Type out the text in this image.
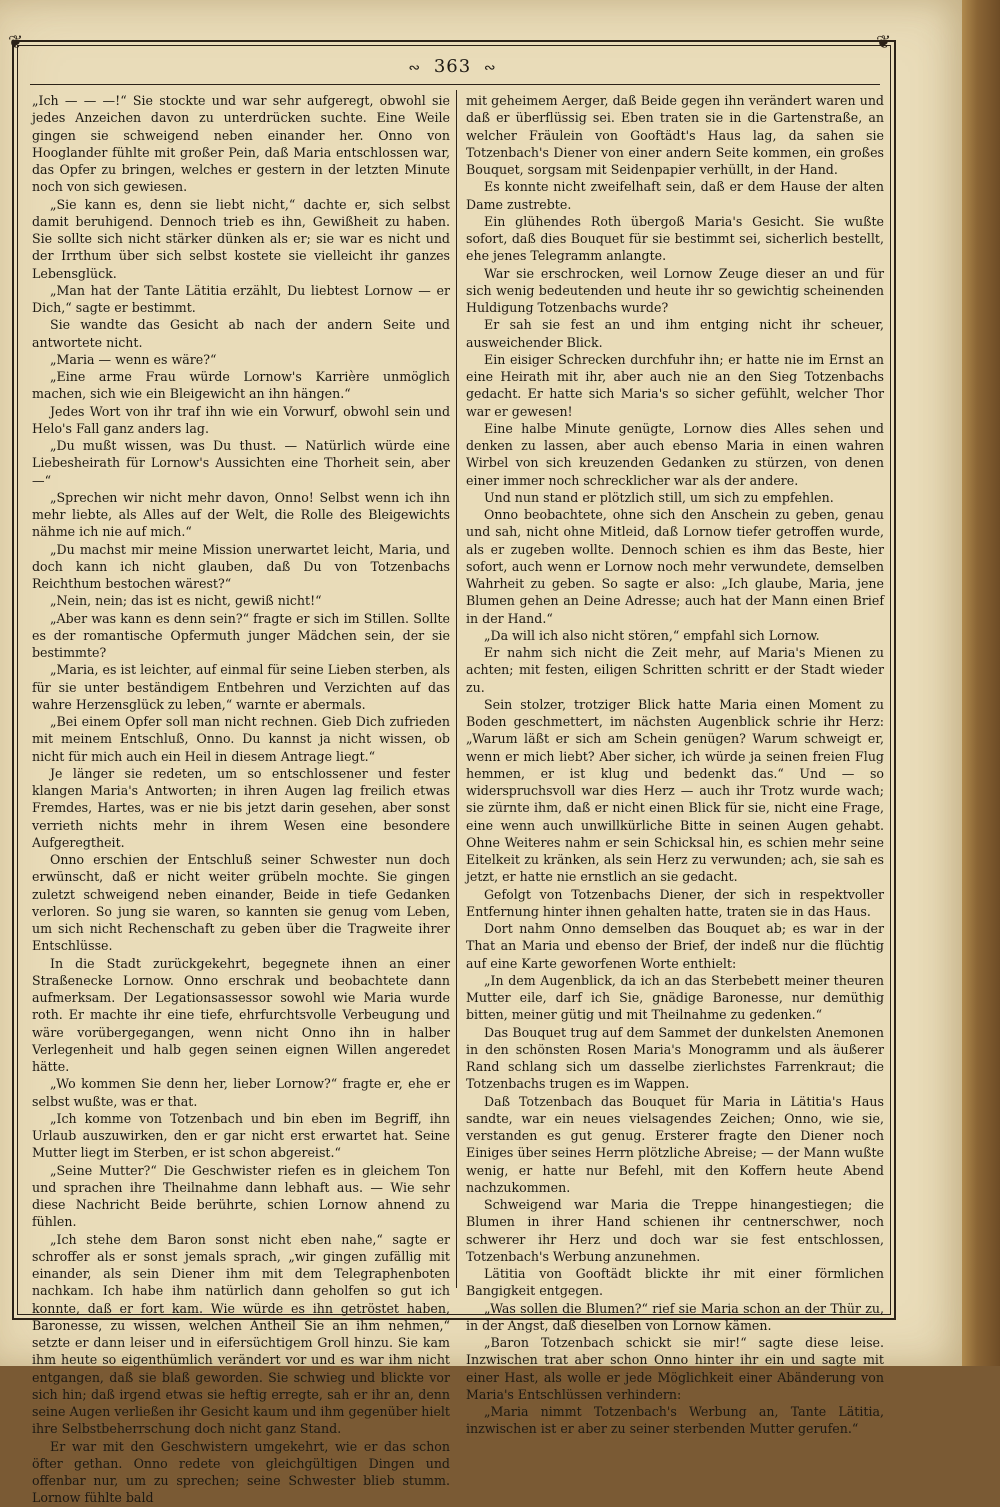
❦	❦
∾ 363 ∾

„Ich — — —!“ Sie stockte und war sehr aufgeregt, obwohl sie jedes Anzeichen davon zu unterdrücken suchte. Eine Weile gingen sie schweigend neben einander her. Onno von Hooglander fühlte mit großer Pein, daß Maria entschlossen war, das Opfer zu bringen, welches er gestern in der letzten Minute noch von sich gewiesen.

„Sie kann es, denn sie liebt nicht,“ dachte er, sich selbst damit beruhigend. Dennoch trieb es ihn, Gewißheit zu haben. Sie sollte sich nicht stärker dünken als er; sie war es nicht und der Irrthum über sich selbst kostete sie vielleicht ihr ganzes Lebensglück.

„Man hat der Tante Lätitia erzählt, Du liebtest Lornow — er Dich,“ sagte er bestimmt.

Sie wandte das Gesicht ab nach der andern Seite und antwortete nicht.

„Maria — wenn es wäre?“

„Eine arme Frau würde Lornow's Karrière unmöglich machen, sich wie ein Bleigewicht an ihn hängen.“

Jedes Wort von ihr traf ihn wie ein Vorwurf, obwohl sein und Helo's Fall ganz anders lag.

„Du mußt wissen, was Du thust. — Natürlich würde eine Liebesheirath für Lornow's Aussichten eine Thorheit sein, aber —“

„Sprechen wir nicht mehr davon, Onno! Selbst wenn ich ihn mehr liebte, als Alles auf der Welt, die Rolle des Bleigewichts nähme ich nie auf mich.“

„Du machst mir meine Mission unerwartet leicht, Maria, und doch kann ich nicht glauben, daß Du von Totzenbachs Reichthum bestochen wärest?“

„Nein, nein; das ist es nicht, gewiß nicht!“

„Aber was kann es denn sein?“ fragte er sich im Stillen. Sollte es der romantische Opfermuth junger Mädchen sein, der sie bestimmte?

„Maria, es ist leichter, auf einmal für seine Lieben sterben, als für sie unter beständigem Entbehren und Verzichten auf das wahre Herzensglück zu leben,“ warnte er abermals.

„Bei einem Opfer soll man nicht rechnen. Gieb Dich zufrieden mit meinem Entschluß, Onno. Du kannst ja nicht wissen, ob nicht für mich auch ein Heil in diesem Antrage liegt.“

Je länger sie redeten, um so entschlossener und fester klangen Maria's Antworten; in ihren Augen lag freilich etwas Fremdes, Hartes, was er nie bis jetzt darin gesehen, aber sonst verrieth nichts mehr in ihrem Wesen eine besondere Aufgeregtheit.

Onno erschien der Entschluß seiner Schwester nun doch erwünscht, daß er nicht weiter grübeln mochte. Sie gingen zuletzt schweigend neben einander, Beide in tiefe Gedanken verloren. So jung sie waren, so kannten sie genug vom Leben, um sich nicht Rechenschaft zu geben über die Tragweite ihrer Entschlüsse.

In die Stadt zurückgekehrt, begegnete ihnen an einer Straßenecke Lornow. Onno erschrak und beobachtete dann aufmerksam. Der Legationsassessor sowohl wie Maria wurde roth. Er machte ihr eine tiefe, ehrfurchtsvolle Verbeugung und wäre vorübergegangen, wenn nicht Onno ihn in halber Verlegenheit und halb gegen seinen eignen Willen angeredet hätte.

„Wo kommen Sie denn her, lieber Lornow?“ fragte er, ehe er selbst wußte, was er that.

„Ich komme von Totzenbach und bin eben im Begriff, ihn Urlaub auszuwirken, den er gar nicht erst erwartet hat. Seine Mutter liegt im Sterben, er ist schon abgereist.“

„Seine Mutter?“ Die Geschwister riefen es in gleichem Ton und sprachen ihre Theilnahme dann lebhaft aus. — Wie sehr diese Nachricht Beide berührte, schien Lornow ahnend zu fühlen.

„Ich stehe dem Baron sonst nicht eben nahe,“ sagte er schroffer als er sonst jemals sprach, „wir gingen zufällig mit einander, als sein Diener ihm mit dem Telegraphenboten nachkam. Ich habe ihm natürlich dann geholfen so gut ich konnte, daß er fort kam. Wie würde es ihn getröstet haben, Baronesse, zu wissen, welchen Antheil Sie an ihm nehmen,“ setzte er dann leiser und in eifersüchtigem Groll hinzu. Sie kam ihm heute so eigenthümlich verändert vor und es war ihm nicht entgangen, daß sie blaß geworden. Sie schwieg und blickte vor sich hin; daß irgend etwas sie heftig erregte, sah er ihr an, denn seine Augen verließen ihr Gesicht kaum und ihm gegenüber hielt ihre Selbstbeherrschung doch nicht ganz Stand.

Er war mit den Geschwistern umgekehrt, wie er das schon öfter gethan. Onno redete von gleichgültigen Dingen und offenbar nur, um zu sprechen; seine Schwester blieb stumm. Lornow fühlte bald

mit geheimem Aerger, daß Beide gegen ihn verändert waren und daß er überflüssig sei. Eben traten sie in die Gartenstraße, an welcher Fräulein von Gooftädt's Haus lag, da sahen sie Totzenbach's Diener von einer andern Seite kommen, ein großes Bouquet, sorgsam mit Seidenpapier verhüllt, in der Hand.

Es konnte nicht zweifelhaft sein, daß er dem Hause der alten Dame zustrebte.

Ein glühendes Roth übergoß Maria's Gesicht. Sie wußte sofort, daß dies Bouquet für sie bestimmt sei, sicherlich bestellt, ehe jenes Telegramm anlangte.

War sie erschrocken, weil Lornow Zeuge dieser an und für sich wenig bedeutenden und heute ihr so gewichtig scheinenden Huldigung Totzenbachs wurde?

Er sah sie fest an und ihm entging nicht ihr scheuer, ausweichender Blick.

Ein eisiger Schrecken durchfuhr ihn; er hatte nie im Ernst an eine Heirath mit ihr, aber auch nie an den Sieg Totzenbachs gedacht. Er hatte sich Maria's so sicher gefühlt, welcher Thor war er gewesen!

Eine halbe Minute genügte, Lornow dies Alles sehen und denken zu lassen, aber auch ebenso Maria in einen wahren Wirbel von sich kreuzenden Gedanken zu stürzen, von denen einer immer noch schrecklicher war als der andere.

Und nun stand er plötzlich still, um sich zu empfehlen.

Onno beobachtete, ohne sich den Anschein zu geben, genau und sah, nicht ohne Mitleid, daß Lornow tiefer getroffen wurde, als er zugeben wollte. Dennoch schien es ihm das Beste, hier sofort, auch wenn er Lornow noch mehr verwundete, demselben Wahrheit zu geben. So sagte er also: „Ich glaube, Maria, jene Blumen gehen an Deine Adresse; auch hat der Mann einen Brief in der Hand.“

„Da will ich also nicht stören,“ empfahl sich Lornow.

Er nahm sich nicht die Zeit mehr, auf Maria's Mienen zu achten; mit festen, eiligen Schritten schritt er der Stadt wieder zu.

Sein stolzer, trotziger Blick hatte Maria einen Moment zu Boden geschmettert, im nächsten Augenblick schrie ihr Herz: „Warum läßt er sich am Schein genügen? Warum schweigt er, wenn er mich liebt? Aber sicher, ich würde ja seinen freien Flug hemmen, er ist klug und bedenkt das.“ Und — so widerspruchsvoll war dies Herz — auch ihr Trotz wurde wach; sie zürnte ihm, daß er nicht einen Blick für sie, nicht eine Frage, eine wenn auch unwillkürliche Bitte in seinen Augen gehabt. Ohne Weiteres nahm er sein Schicksal hin, es schien mehr seine Eitelkeit zu kränken, als sein Herz zu verwunden; ach, sie sah es jetzt, er hatte nie ernstlich an sie gedacht.

Gefolgt von Totzenbachs Diener, der sich in respektvoller Entfernung hinter ihnen gehalten hatte, traten sie in das Haus.

Dort nahm Onno demselben das Bouquet ab; es war in der That an Maria und ebenso der Brief, der indeß nur die flüchtig auf eine Karte geworfenen Worte enthielt:

„In dem Augenblick, da ich an das Sterbebett meiner theuren Mutter eile, darf ich Sie, gnädige Baronesse, nur demüthig bitten, meiner gütig und mit Theilnahme zu gedenken.“

Das Bouquet trug auf dem Sammet der dunkelsten Anemonen in den schönsten Rosen Maria's Monogramm und als äußerer Rand schlang sich um dasselbe zierlichstes Farrenkraut; die Totzenbachs trugen es im Wappen.

Daß Totzenbach das Bouquet für Maria in Lätitia's Haus sandte, war ein neues vielsagendes Zeichen; Onno, wie sie, verstanden es gut genug. Ersterer fragte den Diener noch Einiges über seines Herrn plötzliche Abreise; — der Mann wußte wenig, er hatte nur Befehl, mit den Koffern heute Abend nachzukommen.

Schweigend war Maria die Treppe hinangestiegen; die Blumen in ihrer Hand schienen ihr centnerschwer, noch schwerer ihr Herz und doch war sie fest entschlossen, Totzenbach's Werbung anzunehmen.

Lätitia von Gooftädt blickte ihr mit einer förmlichen Bangigkeit entgegen.

„Was sollen die Blumen?“ rief sie Maria schon an der Thür zu, in der Angst, daß dieselben von Lornow kämen.

„Baron Totzenbach schickt sie mir!“ sagte diese leise. Inzwischen trat aber schon Onno hinter ihr ein und sagte mit einer Hast, als wolle er jede Möglichkeit einer Abänderung von Maria's Entschlüssen verhindern:

„Maria nimmt Totzenbach's Werbung an, Tante Lätitia, inzwischen ist er aber zu seiner sterbenden Mutter gerufen.“
